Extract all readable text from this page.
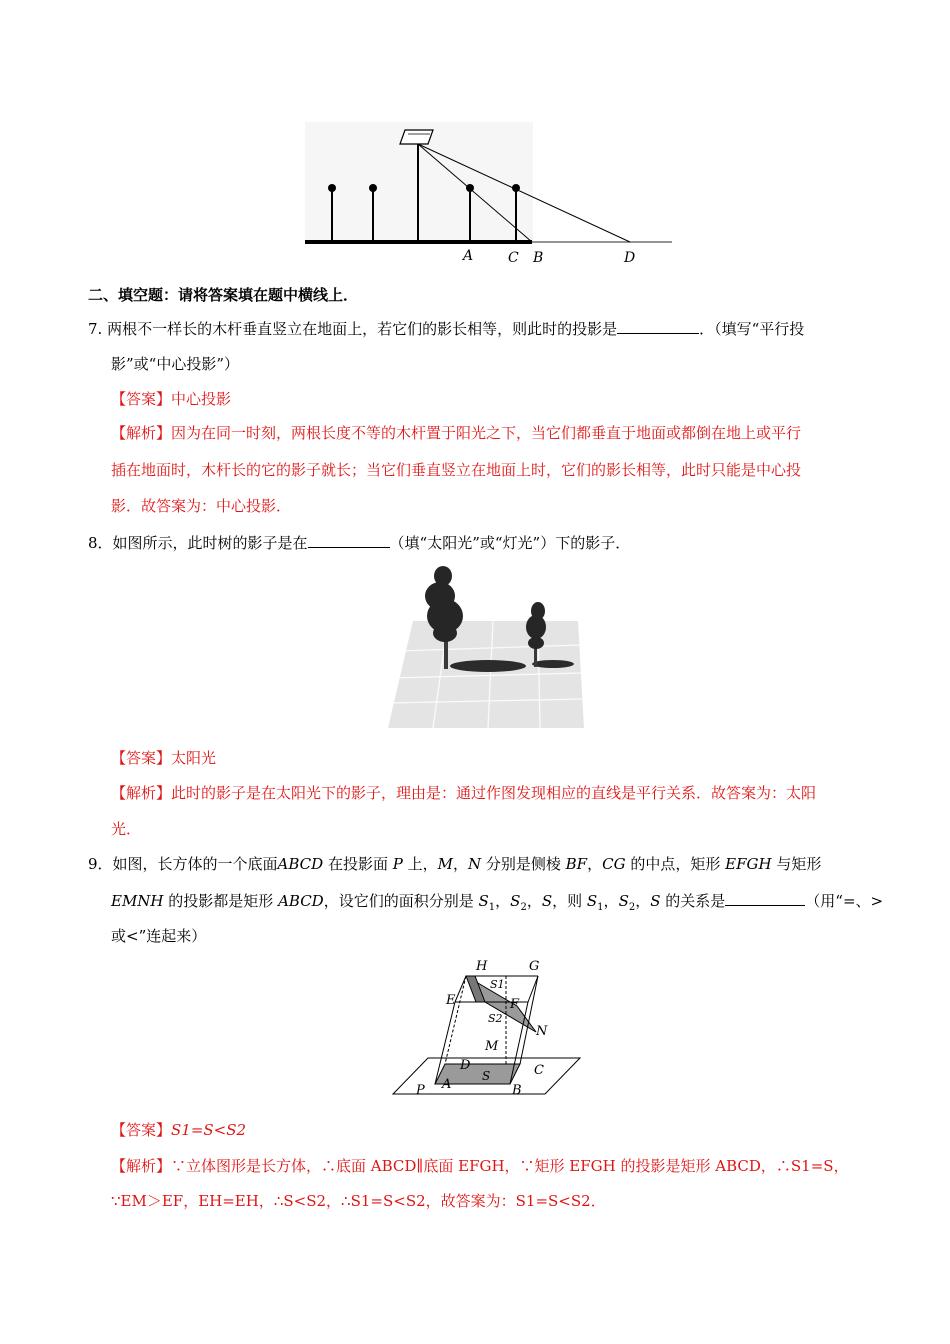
A C B	D
二、填空题：请将答案填在题中横线上．
7. 两根不一样长的木杆垂直竖立在地面上，若它们的影长相等，则此时的投影是	．（填写“平行投
影”或“中心投影”）
【答案】中心投影
【解析】因为在同一时刻，两根长度不等的木杆置于阳光之下，当它们都垂直于地面或都倒在地上或平行
插在地面时，木杆长的它的影子就长；当它们垂直竖立在地面上时，它们的影长相等，此时只能是中心投
影．故答案为：中心投影．
8．如图所示，此时树的影子是在	（填“太阳光”或“灯光”）下的影子．
【答案】太阳光
【解析】此时的影子是在太阳光下的影子，理由是：通过作图发现相应的直线是平行关系．故答案为：太阳
光．
9．如图，长方体的一个底面ABCD 在投影面 P 上，M，N 分别是侧棱 BF，CG 的中点，矩形 EFGH 与矩形
EMNH 的投影都是矩形 ABCD，设它们的面积分别是 $S_1$，$S_2$，S，则 $S_1$，$S_2$，S 的关系是	（用“=、>
或<”连起来）
H
S1
G
E	F
S2
N
M
D	C
S
P A	B
【答案】S1=S<S2
【解析】∵立体图形是长方体，∴底面 ABCD∥底面 EFGH，∵矩形 EFGH 的投影是矩形 ABCD，∴S1=S，
∵EM＞EF，EH=EH，∴S<S2，∴S1=S<S2，故答案为：S1=S<S2．
